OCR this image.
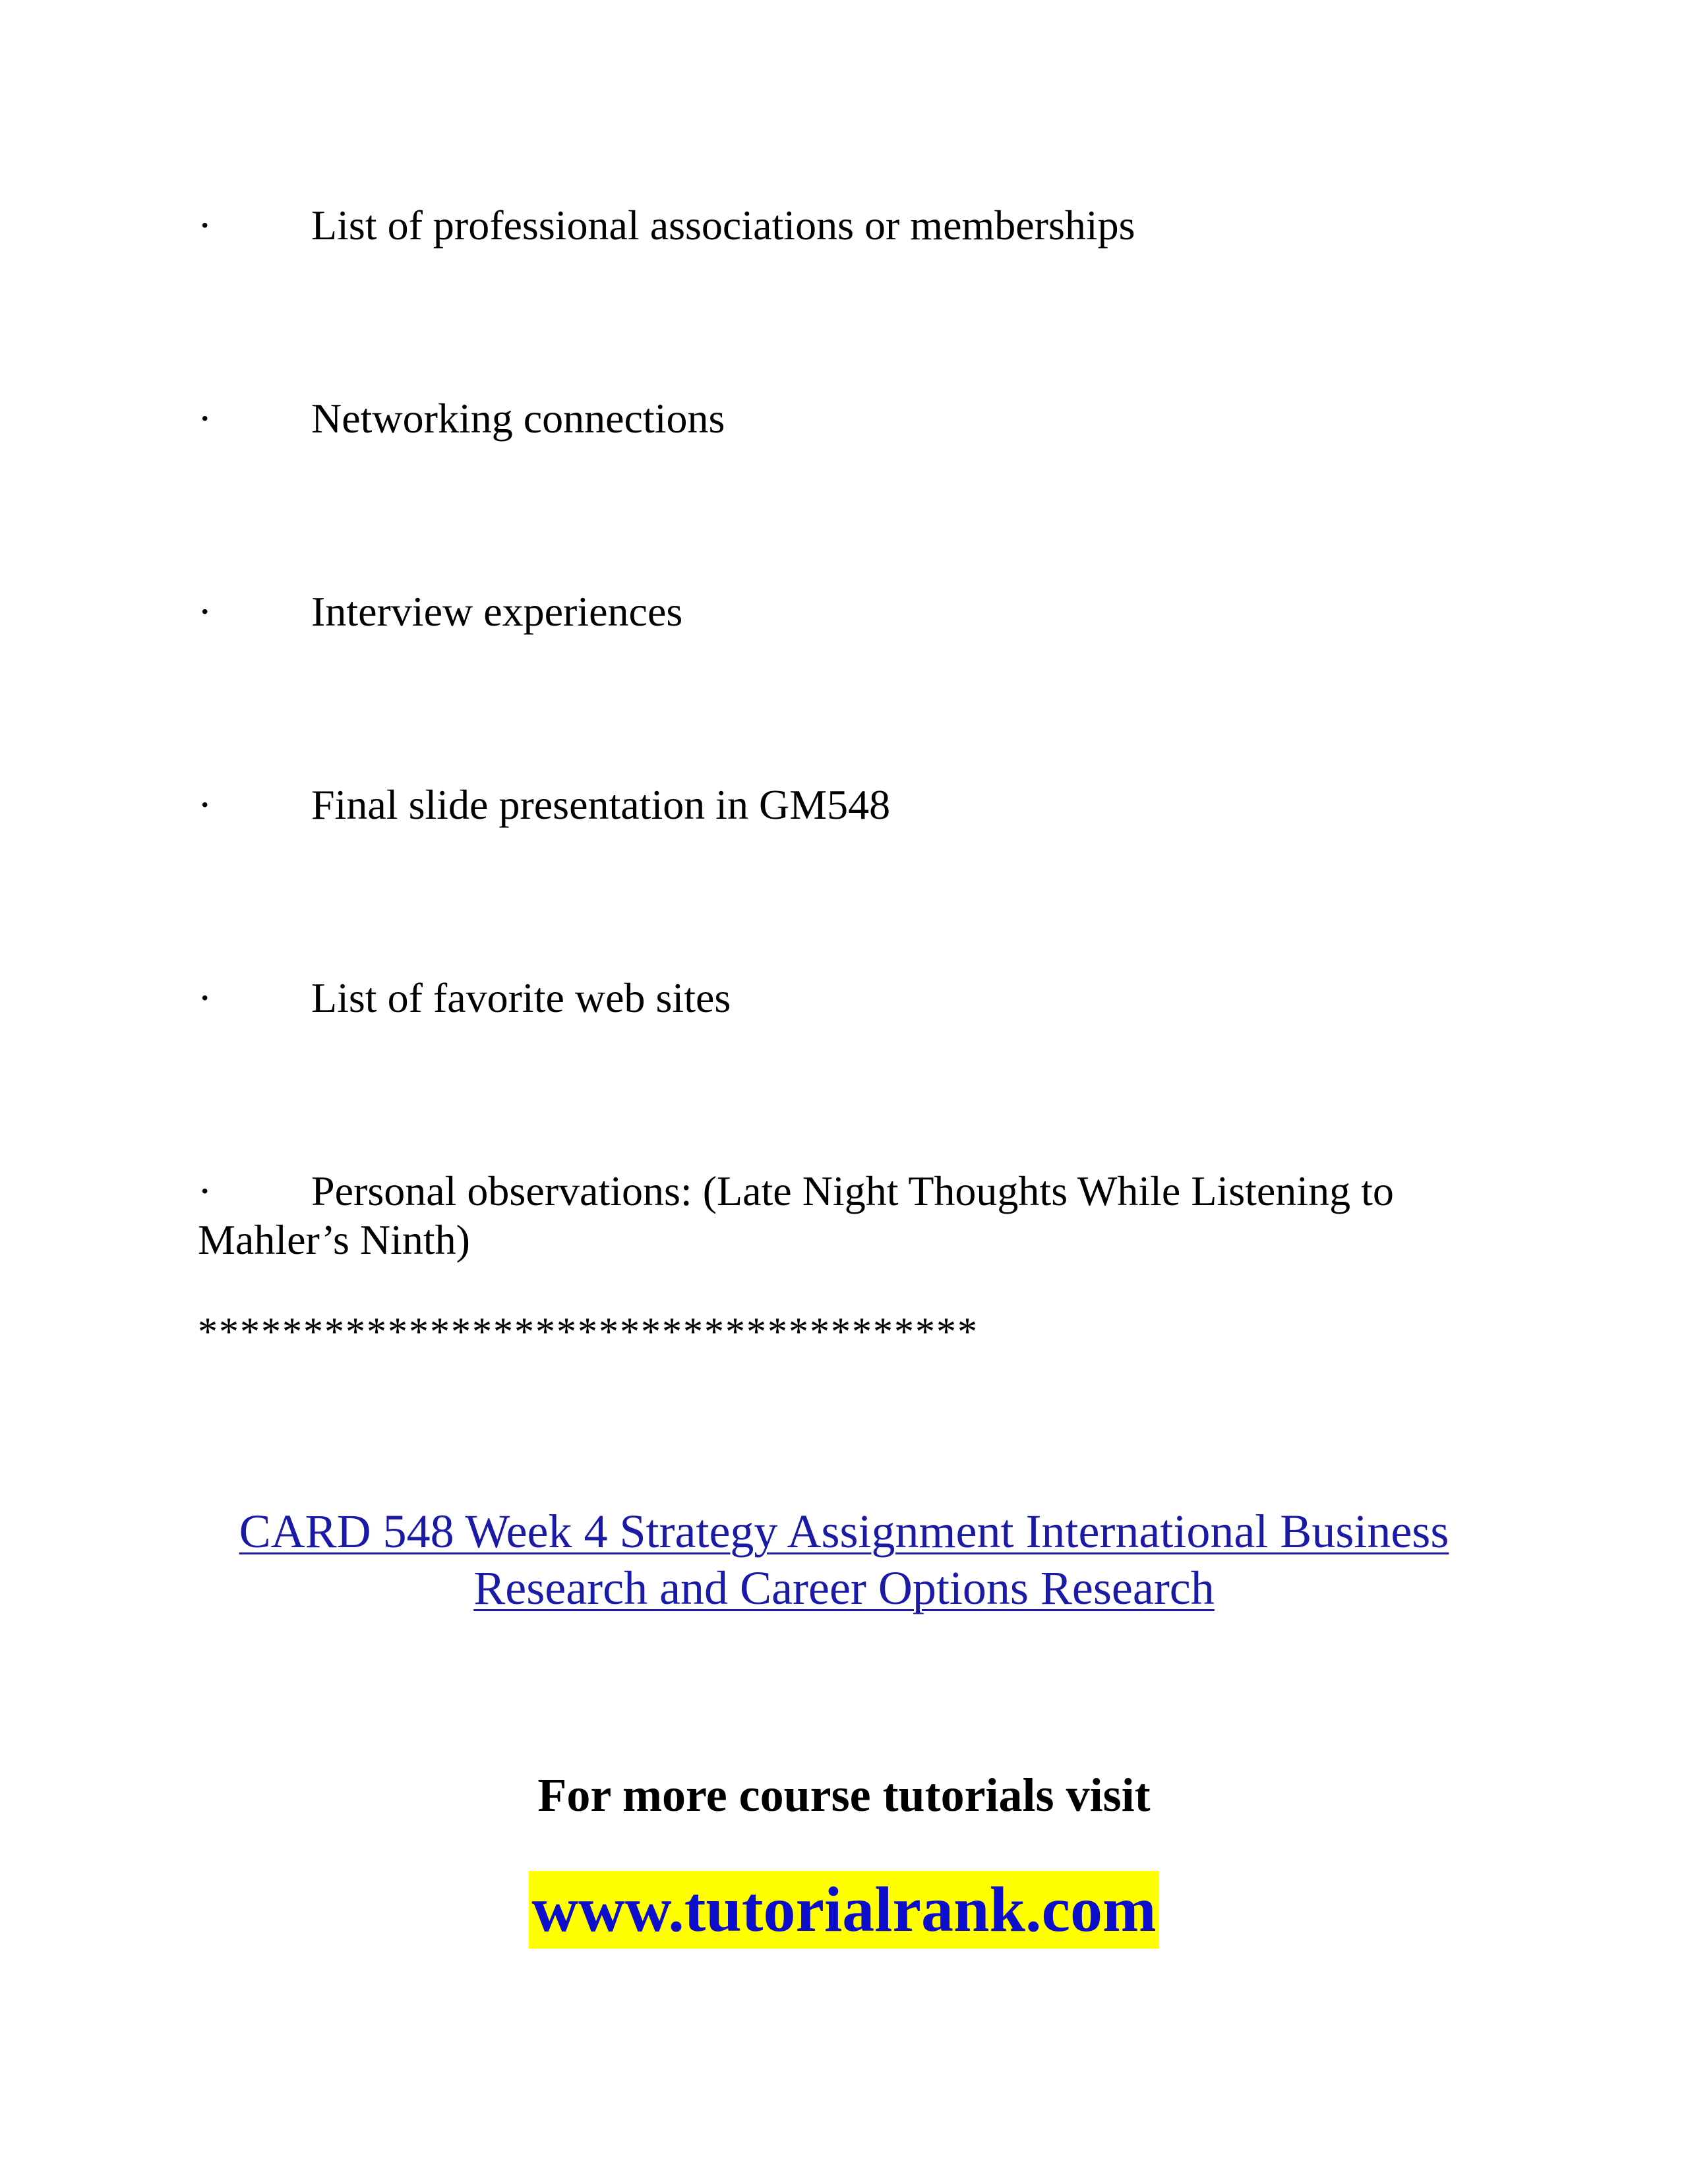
·	List of professional associations or memberships
·	Networking connections
·	Interview experiences
·	Final slide presentation in GM548
·	List of favorite web sites
·	Personal observations: (Late Night Thoughts While Listening to
Mahler’s Ninth)
*************************************
CARD 548 Week 4 Strategy Assignment International Business
Research and Career Options Research
For more course tutorials visit
www.tutorialrank.com
